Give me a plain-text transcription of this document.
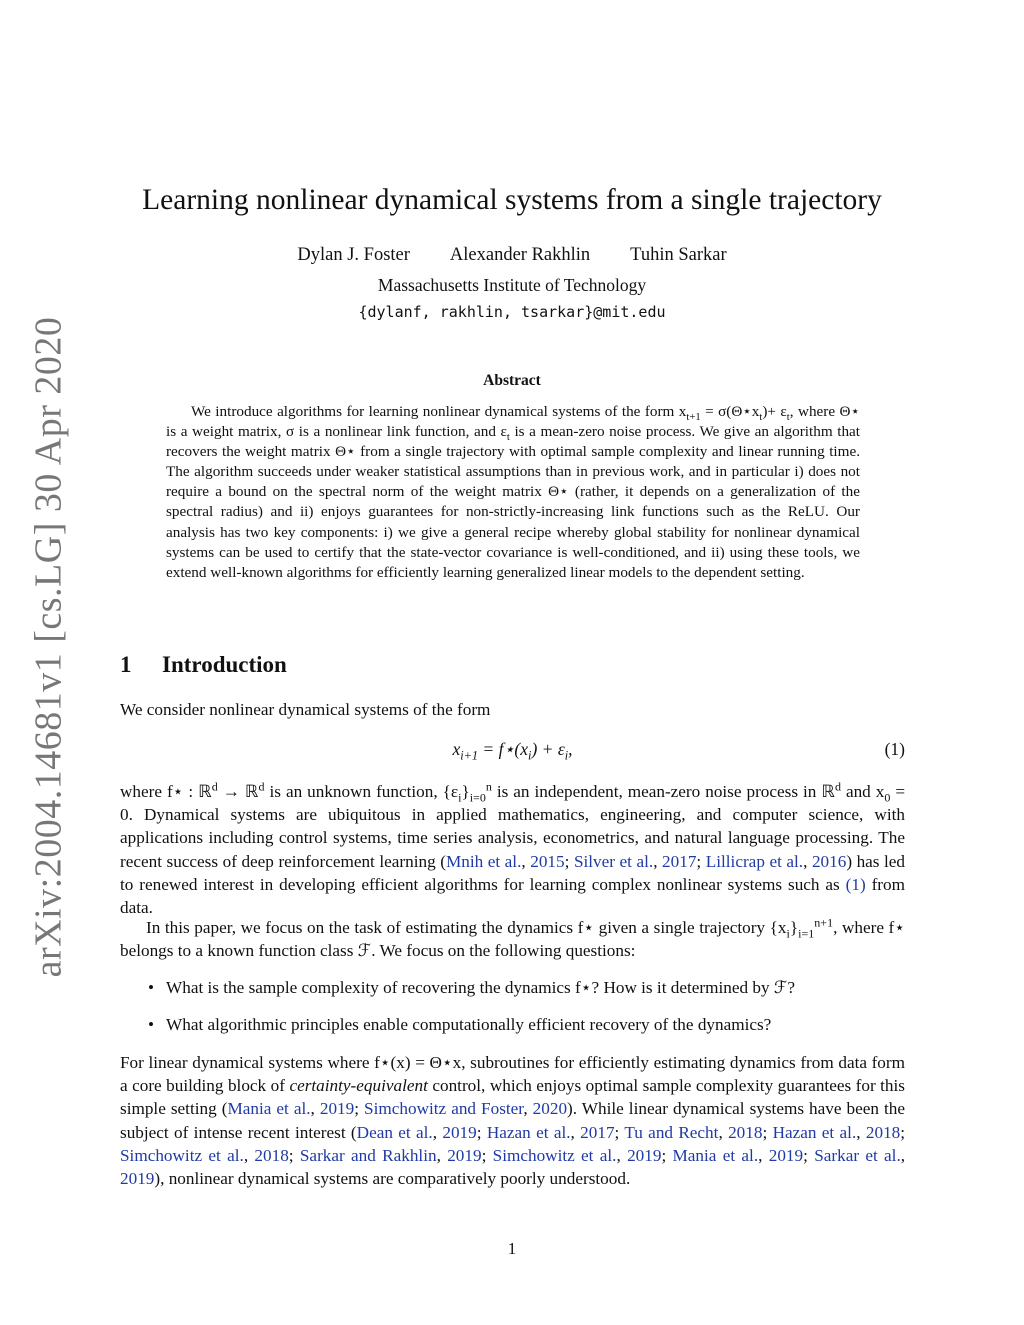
arXiv:2004.14681v1 [cs.LG] 30 Apr 2020
Learning nonlinear dynamical systems from a single trajectory
Dylan J. Foster Alexander Rakhlin Tuhin Sarkar
Massachusetts Institute of Technology
{dylanf, rakhlin, tsarkar}@mit.edu
Abstract

We introduce algorithms for learning nonlinear dynamical systems of the form $x_{t+1}$ = $\sigma(\Theta⋆x_t)+ \varepsilon_t$, where Θ⋆ is a weight matrix, σ is a nonlinear link function, and $\varepsilon_t$ is a mean-zero noise process. We give an algorithm that recovers the weight matrix Θ⋆ from a single trajectory with optimal sample complexity and linear running time. The algorithm succeeds under weaker statistical assumptions than in previous work, and in particular i) does not require a bound on the spectral norm of the weight matrix Θ⋆ (rather, it depends on a generalization of the spectral radius) and ii) enjoys guarantees for non-strictly-increasing link functions such as the ReLU. Our analysis has two key components: i) we give a general recipe whereby global stability for nonlinear dynamical systems can be used to certify that the state-vector covariance is well-conditioned, and ii) using these tools, we extend well-known algorithms for efficiently learning generalized linear models to the dependent setting.

1 Introduction

We consider nonlinear dynamical systems of the form

$x_{i+1}$ = $f⋆(x_i) + \varepsilon_i$,	(1)

where f⋆ : ℝ$^d$ → ℝ$^d$ is an unknown function, $\{\varepsilon_i\}_{i=0}^n$ is an independent, mean-zero noise process in ℝ$^d$ and $x_0 = 0$. Dynamical systems are ubiquitous in applied mathematics, engineering, and computer science, with applications including control systems, time series analysis, econometrics, and natural language processing. The recent success of deep reinforcement learning (Mnih et al., 2015; Silver et al., 2017; Lillicrap et al., 2016) has led to renewed interest in developing efficient algorithms for learning complex nonlinear systems such as (1) from data.

In this paper, we focus on the task of estimating the dynamics f⋆ given a single trajectory $\{x_i\}_{i=1}^{n+1}$, where f⋆ belongs to a known function class ℱ. We focus on the following questions:

• What is the sample complexity of recovering the dynamics f⋆? How is it determined by ℱ?
• What algorithmic principles enable computationally efficient recovery of the dynamics?

For linear dynamical systems where f⋆(x) = Θ⋆x, subroutines for efficiently estimating dynamics from data form a core building block of certainty-equivalent control, which enjoys optimal sample complexity guarantees for this simple setting (Mania et al., 2019; Simchowitz and Foster, 2020). While linear dynamical systems have been the subject of intense recent interest (Dean et al., 2019; Hazan et al., 2017; Tu and Recht, 2018; Hazan et al., 2018; Simchowitz et al., 2018; Sarkar and Rakhlin, 2019; Simchowitz et al., 2019; Mania et al., 2019; Sarkar et al., 2019), nonlinear dynamical systems are comparatively poorly understood.

1
